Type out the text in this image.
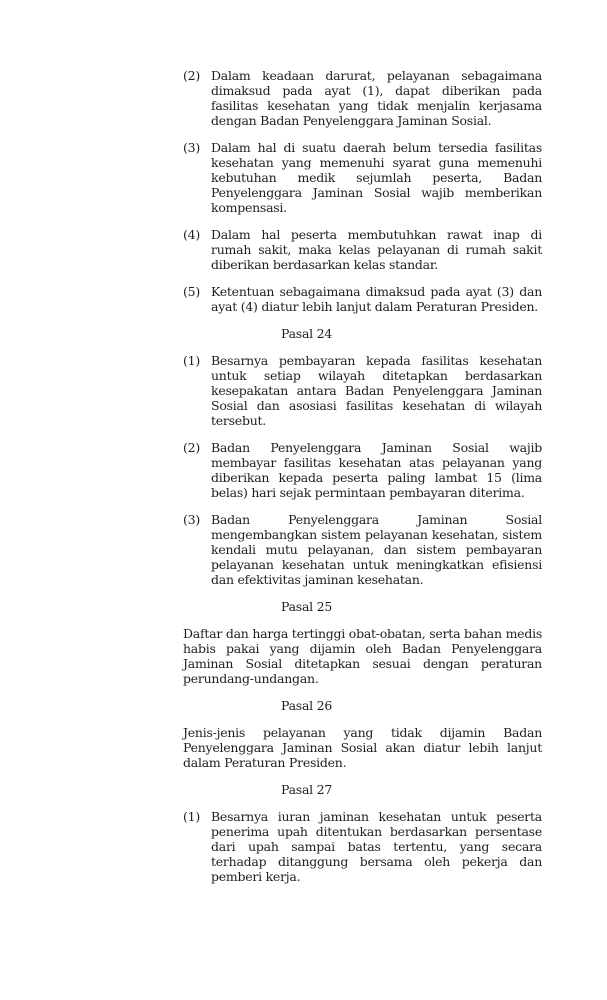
(2) Dalam keadaan darurat, pelayanan sebagaimana dimaksud pada ayat (1), dapat diberikan pada fasilitas kesehatan yang tidak menjalin kerjasama dengan Badan Penyelenggara Jaminan Sosial.
(3) Dalam hal di suatu daerah belum tersedia fasilitas kesehatan yang memenuhi syarat guna memenuhi kebutuhan medik sejumlah peserta, Badan Penyelenggara Jaminan Sosial wajib memberikan kompensasi.
(4) Dalam hal peserta membutuhkan rawat inap di rumah sakit, maka kelas pelayanan di rumah sakit diberikan berdasarkan kelas standar.
(5) Ketentuan sebagaimana dimaksud pada ayat (3) dan ayat (4) diatur lebih lanjut dalam Peraturan Presiden.
Pasal 24
(1) Besarnya pembayaran kepada fasilitas kesehatan untuk setiap wilayah ditetapkan berdasarkan kesepakatan antara Badan Penyelenggara Jaminan Sosial dan asosiasi fasilitas kesehatan di wilayah tersebut.
(2) Badan Penyelenggara Jaminan Sosial wajib membayar fasilitas kesehatan atas pelayanan yang diberikan kepada peserta paling lambat 15 (lima belas) hari sejak permintaan pembayaran diterima.
(3) Badan Penyelenggara Jaminan Sosial mengembangkan sistem pelayanan kesehatan, sistem kendali mutu pelayanan, dan sistem pembayaran pelayanan kesehatan untuk meningkatkan efisiensi dan efektivitas jaminan kesehatan.
Pasal 25
Daftar dan harga tertinggi obat-obatan, serta bahan medis habis pakai yang dijamin oleh Badan Penyelenggara Jaminan Sosial ditetapkan sesuai dengan peraturan perundang-undangan.
Pasal 26
Jenis-jenis pelayanan yang tidak dijamin Badan Penyelenggara Jaminan Sosial akan diatur lebih lanjut dalam Peraturan Presiden.
Pasal 27
(1) Besarnya iuran jaminan kesehatan untuk peserta penerima upah ditentukan berdasarkan persentase dari upah sampai batas tertentu, yang secara terhadap ditanggung bersama oleh pekerja dan pemberi kerja.
